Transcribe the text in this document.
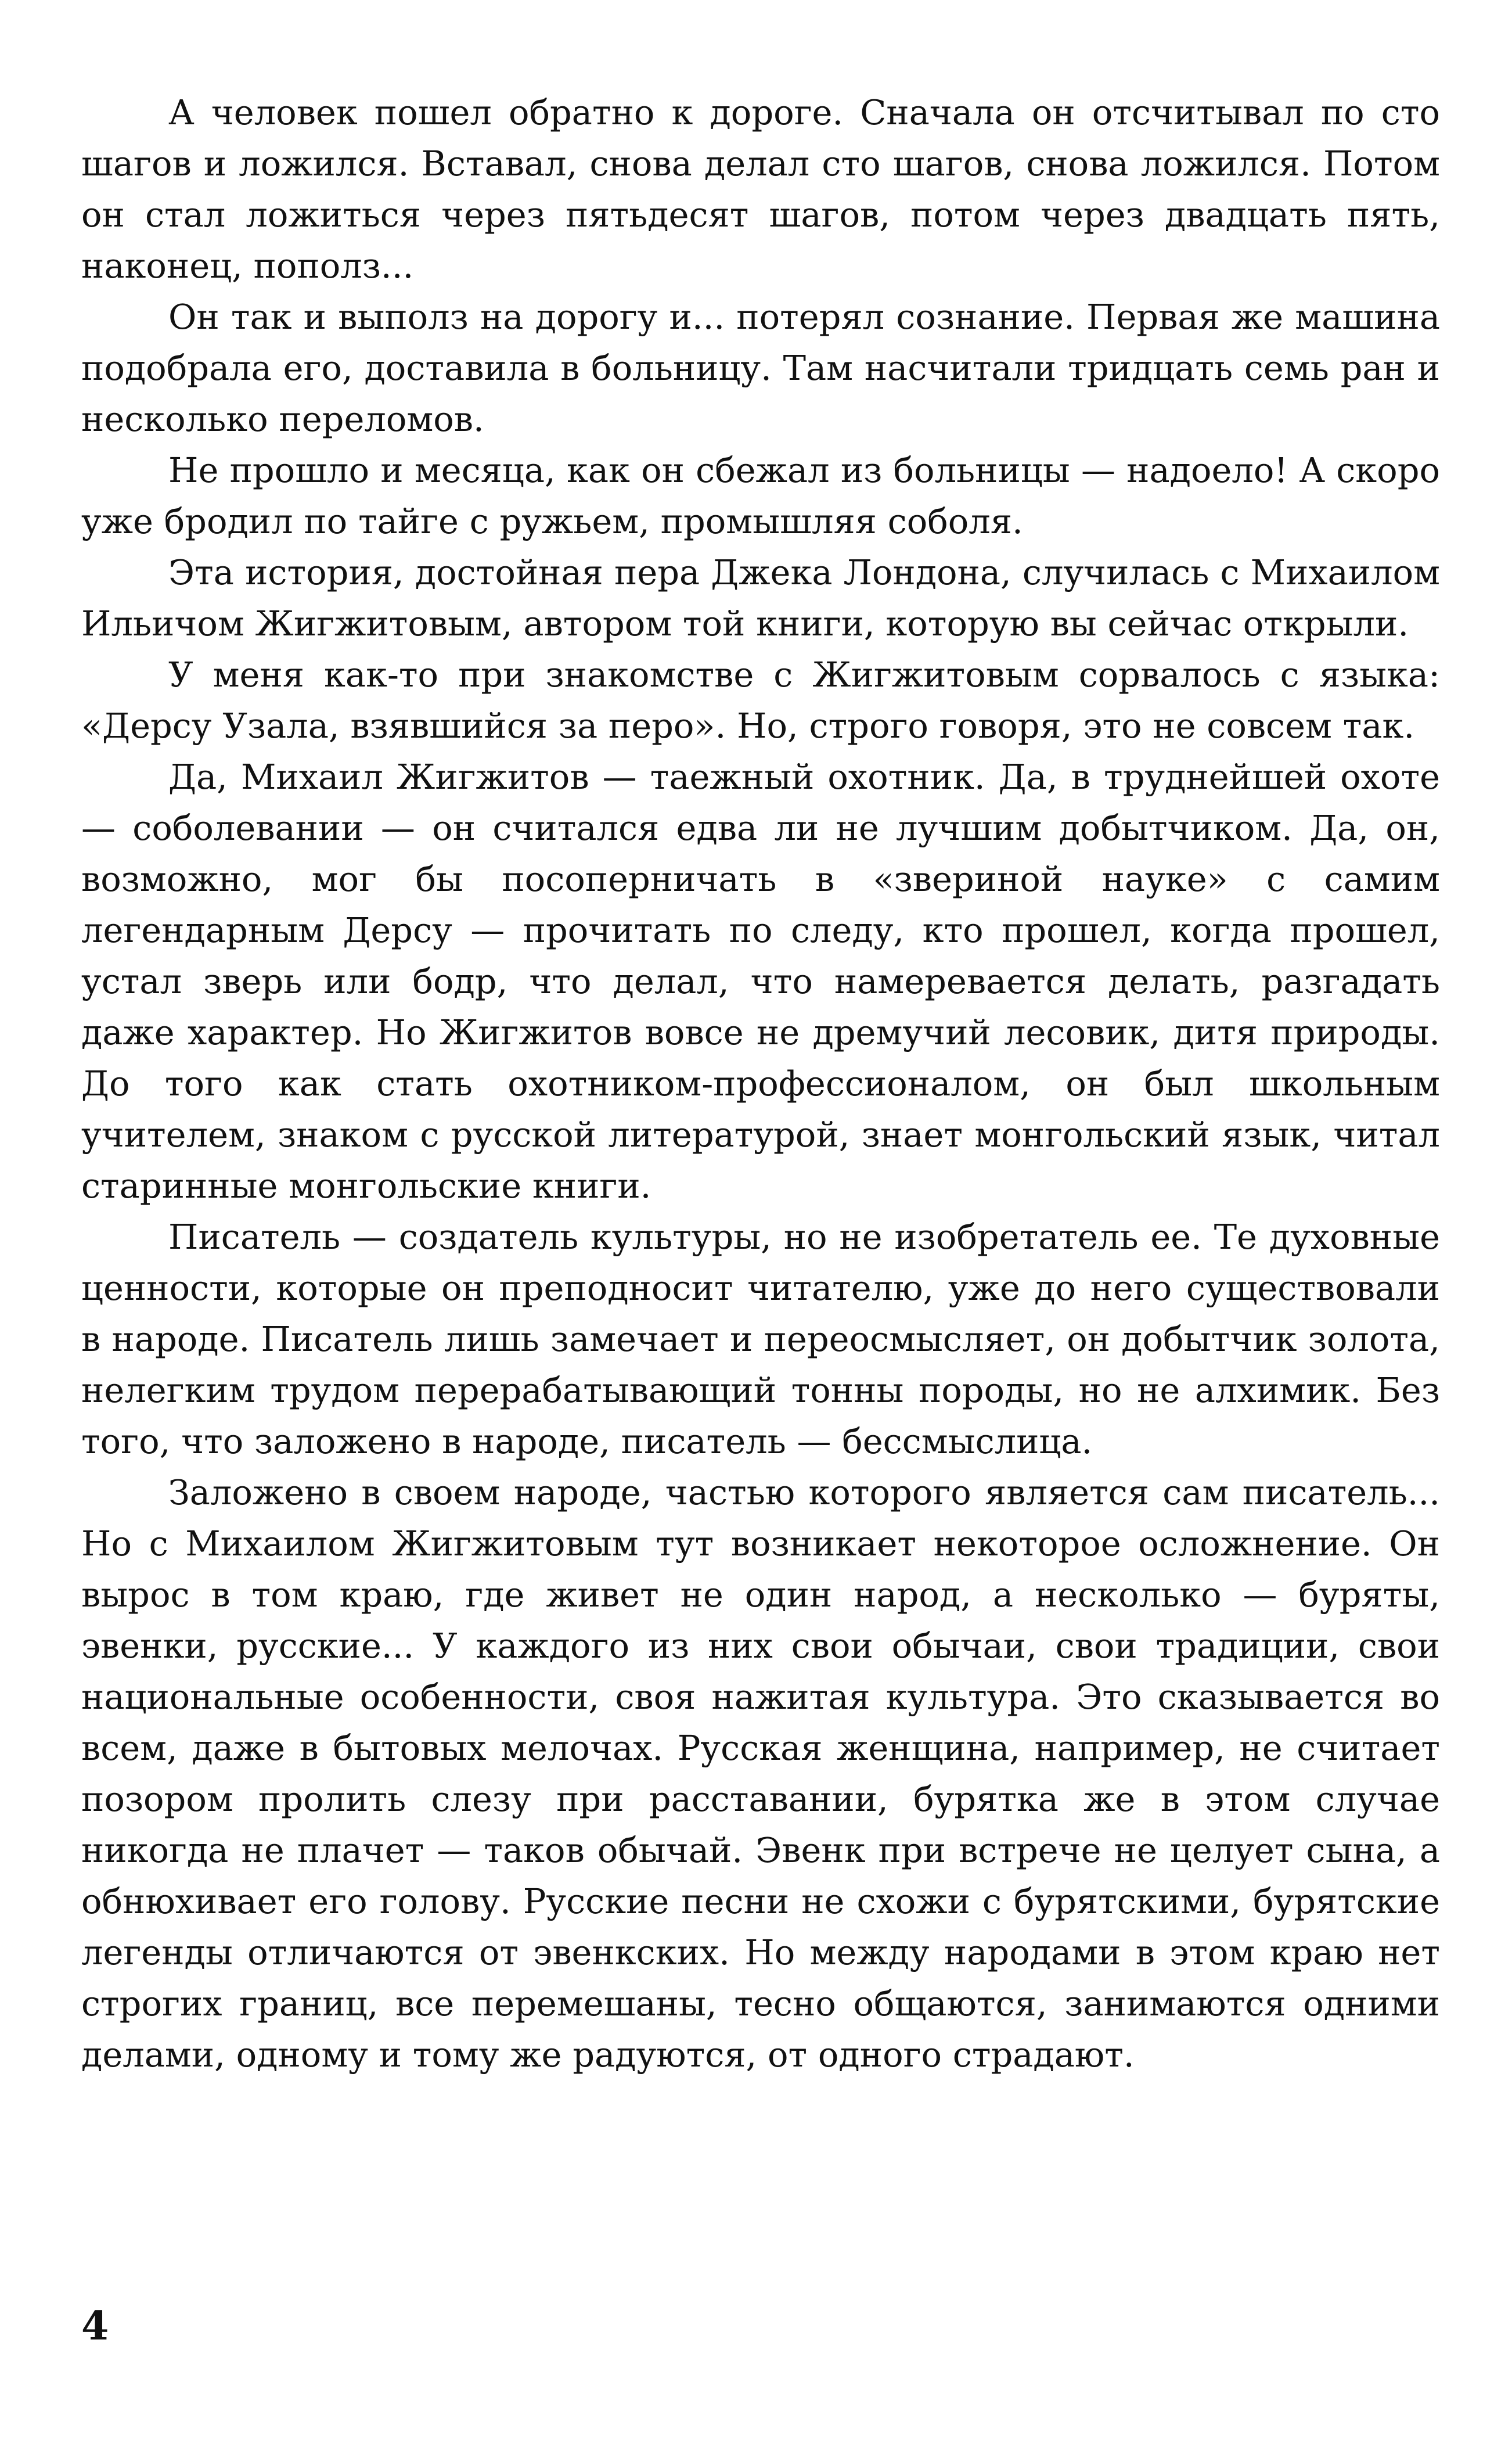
А человек пошел обратно к дороге. Сначала он отсчитывал по сто шагов и ложился. Вставал, снова делал сто шагов, снова ложился. Потом он стал ложиться через пятьдесят шагов, потом через двадцать пять, наконец, пополз...

Он так и выполз на дорогу и... потерял сознание. Первая же машина подобрала его, доставила в больницу. Там насчитали тридцать семь ран и несколько переломов.

Не прошло и месяца, как он сбежал из больницы — надоело! А скоро уже бродил по тайге с ружьем, промышляя соболя.

Эта история, достойная пера Джека Лондона, случилась с Михаилом Ильичом Жигжитовым, автором той книги, которую вы сейчас открыли.

У меня как-то при знакомстве с Жигжитовым сорвалось с языка: «Дерсу Узала, взявшийся за перо». Но, строго говоря, это не совсем так.

Да, Михаил Жигжитов — таежный охотник. Да, в труднейшей охоте — соболевании — он считался едва ли не лучшим добытчиком. Да, он, возможно, мог бы посоперничать в «звериной науке» с самим легендарным Дерсу — прочитать по следу, кто прошел, когда прошел, устал зверь или бодр, что делал, что намеревается делать, разгадать даже характер. Но Жигжитов вовсе не дремучий лесовик, дитя природы. До того как стать охотником-профессионалом, он был школьным учителем, знаком с русской литературой, знает монгольский язык, читал старинные монгольские книги.

Писатель — создатель культуры, но не изобретатель ее. Те духовные ценности, которые он преподносит читателю, уже до него существовали в народе. Писатель лишь замечает и переосмысляет, он добытчик золота, нелегким трудом перерабатывающий тонны породы, но не алхимик. Без того, что заложено в народе, писатель — бессмыслица.

Заложено в своем народе, частью которого является сам писатель... Но с Михаилом Жигжитовым тут возникает некоторое осложнение. Он вырос в том краю, где живет не один народ, а несколько — буряты, эвенки, русские... У каждого из них свои обычаи, свои традиции, свои национальные особенности, своя нажитая культура. Это сказывается во всем, даже в бытовых мелочах. Русская женщина, например, не считает позором пролить слезу при расставании, бурятка же в этом случае никогда не плачет — таков обычай. Эвенк при встрече не целует сына, а обнюхивает его голову. Русские песни не схожи с бурятскими, бурятские легенды отличаются от эвенкских. Но между народами в этом краю нет строгих границ, все перемешаны, тесно общаются, занимаются одними делами, одному и тому же радуются, от одного страдают.

4
